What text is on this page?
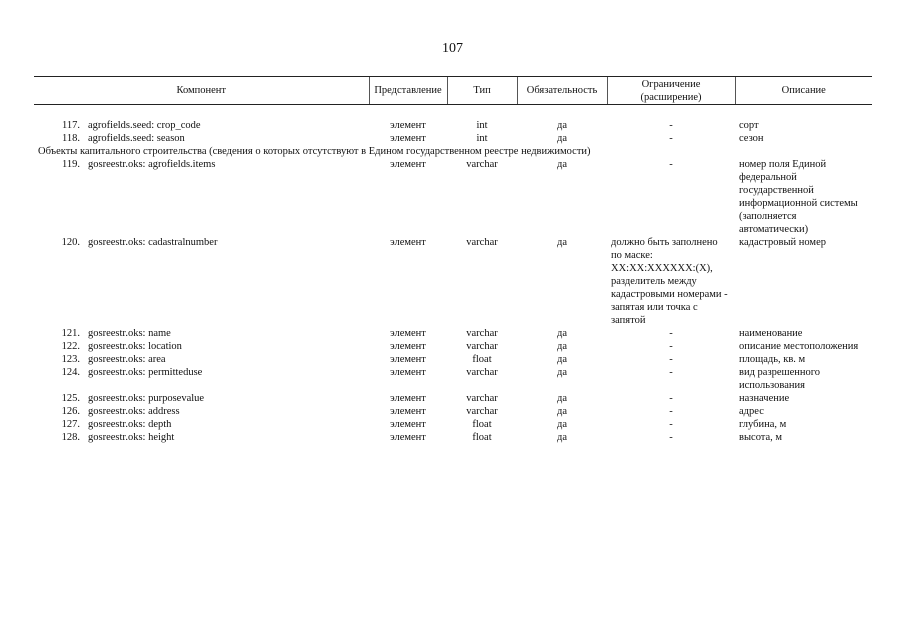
107
Компонент		Представление	Тип	Обязательность	Ограничение (расширение)	Описание

117.	agrofields.seed: crop_code	элемент	int	да	-	сорт
118.	agrofields.seed: season	элемент	int	да	-	сезон
Объекты капитального строительства (сведения о которых отсутствуют в Едином государственном реестре недвижимости)						
119.	gosreestr.oks: agrofields.items	элемент	varchar	да	-	номер поля Единой федеральной государственной информационной системы (заполняется автоматически)
120.	gosreestr.oks: cadastralnumber	элемент	varchar	да	должно быть заполнено по маске: XX:XX:XXXXXX:(X), разделитель между кадастровыми номерами - запятая или точка с запятой	кадастровый номер
121.	gosreestr.oks: name	элемент	varchar	да	-	наименование
122.	gosreestr.oks: location	элемент	varchar	да	-	описание местоположения
123.	gosreestr.oks: area	элемент	float	да	-	площадь, кв. м
124.	gosreestr.oks: permitteduse	элемент	varchar	да	-	вид разрешенного использования
125.	gosreestr.oks: purposevalue	элемент	varchar	да	-	назначение
126.	gosreestr.oks: address	элемент	varchar	да	-	адрес
127.	gosreestr.oks: depth	элемент	float	да	-	глубина, м
128.	gosreestr.oks: height	элемент	float	да	-	высота, м
